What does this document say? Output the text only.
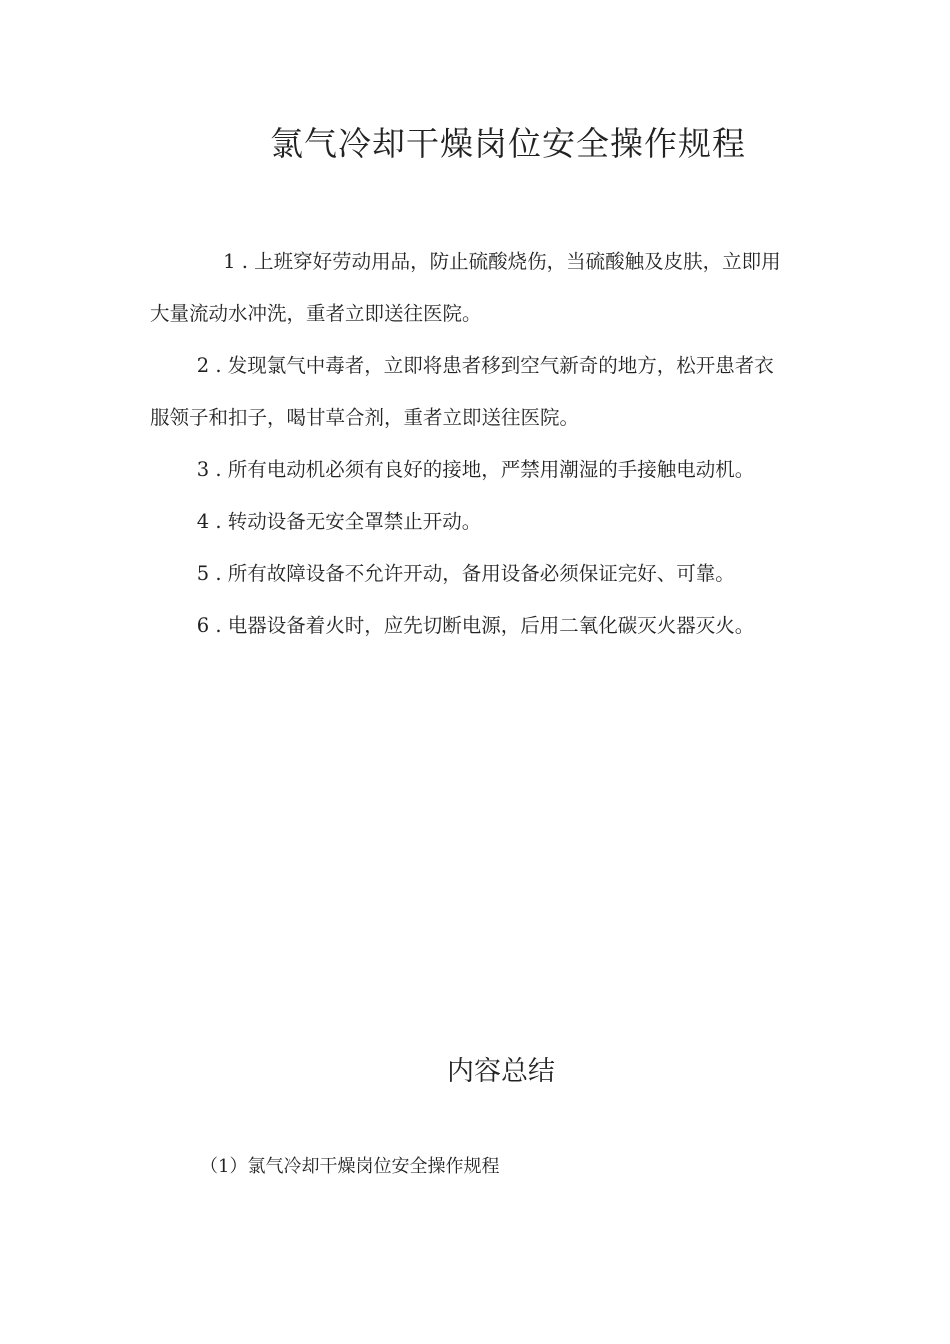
氯气冷却干燥岗位安全操作规程

1 . 上班穿好劳动用品，防止硫酸烧伤，当硫酸触及皮肤，立即用大量流动水冲洗，重者立即送往医院。

2 . 发现氯气中毒者，立即将患者移到空气新奇的地方，松开患者衣服领子和扣子，喝甘草合剂，重者立即送往医院。

3 . 所有电动机必须有良好的接地，严禁用潮湿的手接触电动机。

4 . 转动设备无安全罩禁止开动。

5 . 所有故障设备不允许开动，备用设备必须保证完好、可靠。

6 . 电器设备着火时，应先切断电源，后用二氧化碳灭火器灭火。

内容总结
（1）氯气冷却干燥岗位安全操作规程
